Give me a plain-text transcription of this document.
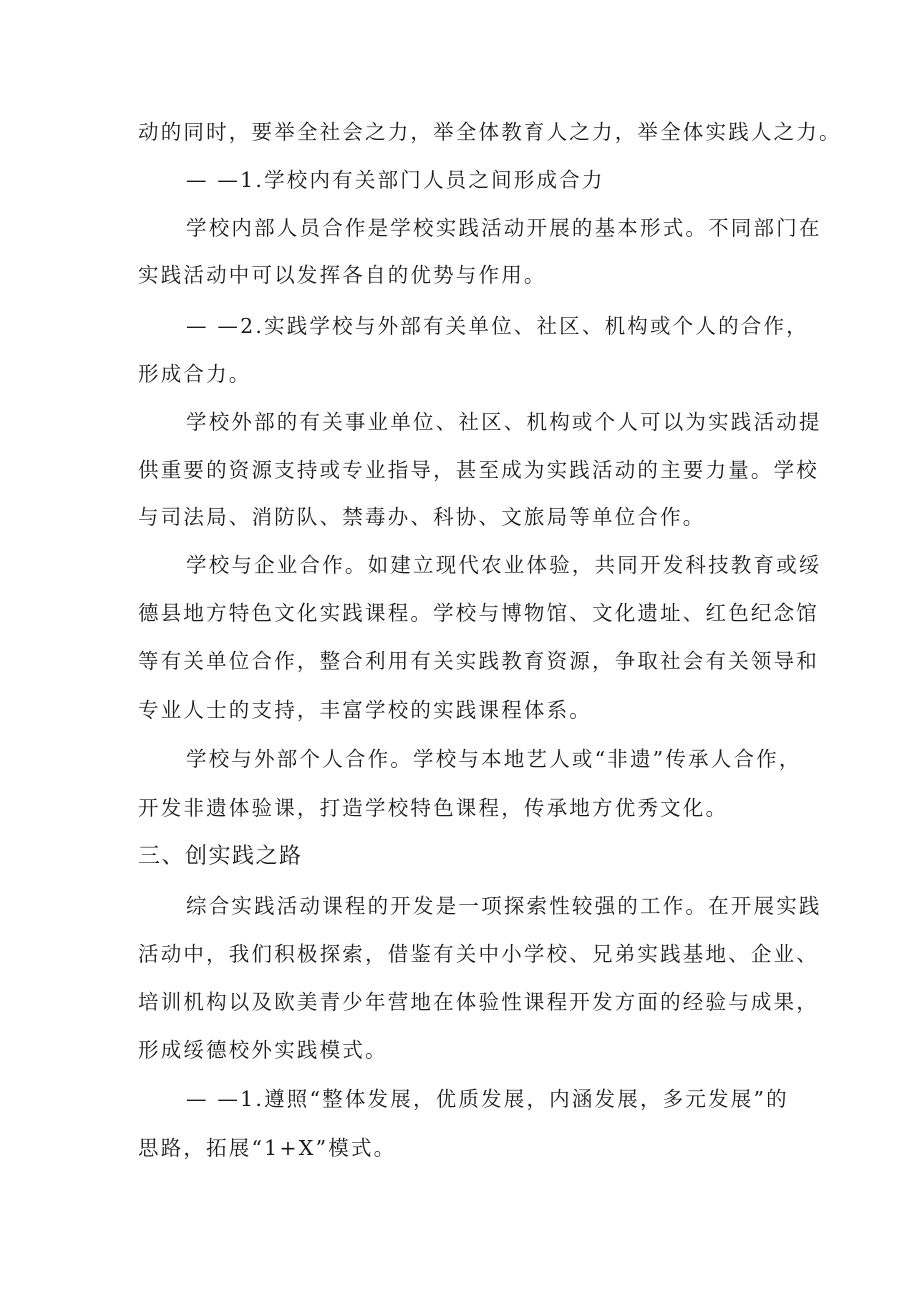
动的同时，要举全社会之力，举全体教育人之力，举全体实践人之力。
— —1.学校内有关部门人员之间形成合力
学校内部人员合作是学校实践活动开展的基本形式。不同部门在
实践活动中可以发挥各自的优势与作用。
— —2.实践学校与外部有关单位、社区、机构或个人的合作，
形成合力。
学校外部的有关事业单位、社区、机构或个人可以为实践活动提
供重要的资源支持或专业指导，甚至成为实践活动的主要力量。学校
与司法局、消防队、禁毒办、科协、文旅局等单位合作。
学校与企业合作。如建立现代农业体验，共同开发科技教育或绥
德县地方特色文化实践课程。学校与博物馆、文化遗址、红色纪念馆
等有关单位合作，整合利用有关实践教育资源，争取社会有关领导和
专业人士的支持，丰富学校的实践课程体系。
学校与外部个人合作。学校与本地艺人或“非遗”传承人合作，
开发非遗体验课，打造学校特色课程，传承地方优秀文化。
三、创实践之路
综合实践活动课程的开发是一项探索性较强的工作。在开展实践
活动中，我们积极探索，借鉴有关中小学校、兄弟实践基地、企业、
培训机构以及欧美青少年营地在体验性课程开发方面的经验与成果，
形成绥德校外实践模式。
— —1.遵照“整体发展，优质发展，内涵发展，多元发展”的
思路，拓展“1+X”模式。
